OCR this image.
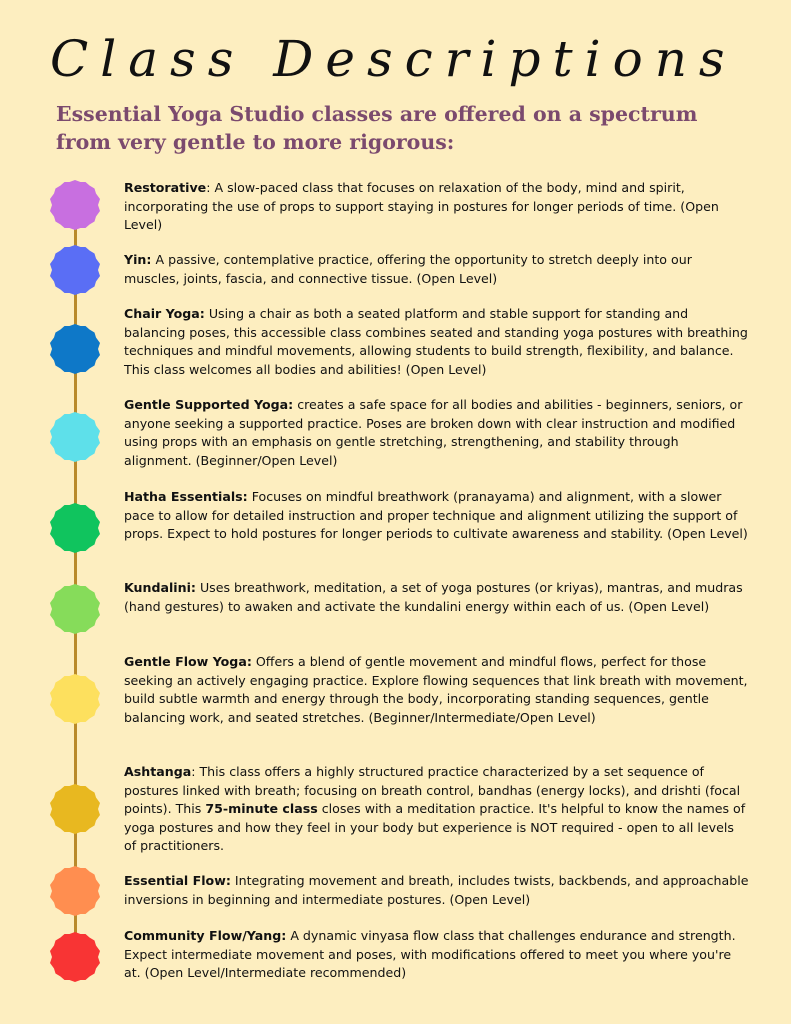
Class Descriptions
Essential Yoga Studio classes are offered on a spectrum from very gentle to more rigorous:
Restorative: A slow-paced class that focuses on relaxation of the body, mind and spirit, incorporating the use of props to support staying in postures for longer periods of time. (Open Level)
Yin: A passive, contemplative practice, offering the opportunity to stretch deeply into our muscles, joints, fascia, and connective tissue. (Open Level)
Chair Yoga: Using a chair as both a seated platform and stable support for standing and balancing poses, this accessible class combines seated and standing yoga postures with breathing techniques and mindful movements, allowing students to build strength, flexibility, and balance. This class welcomes all bodies and abilities! (Open Level)
Gentle Supported Yoga: creates a safe space for all bodies and abilities - beginners, seniors, or anyone seeking a supported practice. Poses are broken down with clear instruction and modified using props with an emphasis on gentle stretching, strengthening, and stability through alignment. (Beginner/Open Level)
Hatha Essentials: Focuses on mindful breathwork (pranayama) and alignment, with a slower pace to allow for detailed instruction and proper technique and alignment utilizing the support of props. Expect to hold postures for longer periods to cultivate awareness and stability. (Open Level)
Kundalini: Uses breathwork, meditation, a set of yoga postures (or kriyas), mantras, and mudras (hand gestures) to awaken and activate the kundalini energy within each of us. (Open Level)
Gentle Flow Yoga: Offers a blend of gentle movement and mindful flows, perfect for those seeking an actively engaging practice. Explore flowing sequences that link breath with movement, build subtle warmth and energy through the body, incorporating standing sequences, gentle balancing work, and seated stretches. (Beginner/Intermediate/Open Level)
Ashtanga: This class offers a highly structured practice characterized by a set sequence of postures linked with breath; focusing on breath control, bandhas (energy locks), and drishti (focal points). This 75-minute class closes with a meditation practice. It's helpful to know the names of yoga postures and how they feel in your body but experience is NOT required - open to all levels of practitioners.
Essential Flow: Integrating movement and breath, includes twists, backbends, and approachable inversions in beginning and intermediate postures. (Open Level)
Community Flow/Yang: A dynamic vinyasa flow class that challenges endurance and strength. Expect intermediate movement and poses, with modifications offered to meet you where you're at. (Open Level/Intermediate recommended)
